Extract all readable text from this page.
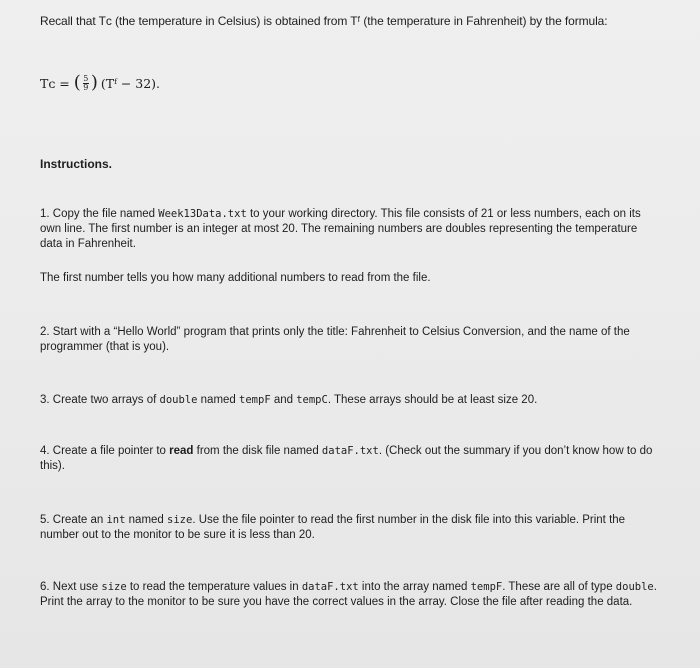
Recall that Tᴄ (the temperature in Celsius) is obtained from Tᶠ (the temperature in Fahrenheit) by the formula:
Tᴄ = ( $\frac{5}{9}$ ) (Tᶠ − 32).
Instructions.
1. Copy the file named Week13Data.txt to your working directory. This file consists of 21 or less numbers, each on its own line. The first number is an integer at most 20. The remaining numbers are doubles representing the temperature data in Fahrenheit.
The first number tells you how many additional numbers to read from the file.
2. Start with a “Hello World” program that prints only the title: Fahrenheit to Celsius Conversion, and the name of the programmer (that is you).
3. Create two arrays of double named tempF and tempC. These arrays should be at least size 20.
4. Create a file pointer to read from the disk file named dataF.txt. (Check out the summary if you don’t know how to do this).
5. Create an int named size. Use the file pointer to read the first number in the disk file into this variable. Print the number out to the monitor to be sure it is less than 20.
6. Next use size to read the temperature values in dataF.txt into the array named tempF. These are all of type double. Print the array to the monitor to be sure you have the correct values in the array. Close the file after reading the data.
